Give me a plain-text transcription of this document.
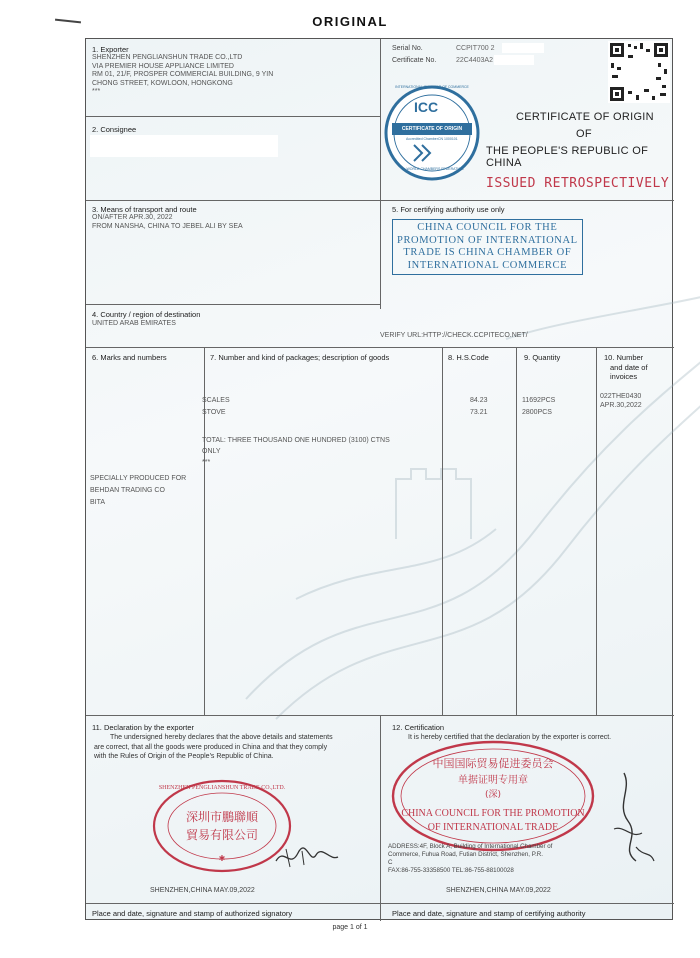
ORIGINAL
1. Exporter
SHENZHEN PENGLIANSHUN TRADE CO.,LTD
VIA PREMIER HOUSE APPLIANCE LIMITED
RM 01, 21/F, PROSPER COMMERCIAL BUILDING, 9 YIN
CHONG STREET, KOWLOON, HONGKONG
***
2. Consignee
3. Means of transport and route
ON/AFTER APR.30, 2022
FROM NANSHA, CHINA TO JEBEL ALI BY SEA
4. Country / region of destination
UNITED ARAB EMIRATES
Serial No.	CCPIT700 2
Certificate No.	22C4403A2
ICC
INTERNATIONAL CHAMBER OF COMMERCE
CERTIFICATE OF ORIGIN
Accredited Chamber CN 1000101
WORLD CHAMBERS FEDERATION
CERTIFICATE OF ORIGIN
OF
THE PEOPLE'S REPUBLIC OF CHINA
ISSUED RETROSPECTIVELY
5. For certifying authority use only
CHINA COUNCIL FOR THE
PROMOTION OF INTERNATIONAL
TRADE IS CHINA CHAMBER OF
INTERNATIONAL COMMERCE
VERIFY URL:HTTP://CHECK.CCPITECO.NET/
6. Marks and numbers	7. Number and kind of packages; description of goods	8. H.S.Code	9. Quantity	10. Number
and date of
invoices
SCALES	84.23	11692PCS
STOVE	73.21	2800PCS
022THE0430
APR.30,2022
TOTAL: THREE THOUSAND ONE HUNDRED (3100) CTNS
ONLY
***
SPECIALLY PRODUCED FOR
BEHDAN TRADING CO
BITA
11. Declaration by the exporter
The undersigned hereby declares that the above details and statements
are correct, that all the goods were produced in China and that they comply
with the Rules of Origin of the People's Republic of China.
SHENZHEN PENGLIANSHUN TRADE CO.,LTD.
深圳市鵬聯順
貿易有限公司
✱
SHENZHEN,CHINA MAY.09,2022
Place and date, signature and stamp of authorized signatory
12. Certification
It is hereby certified that the declaration by the exporter is correct.
中国国际贸易促进委员会
单据证明专用章
(深)
CHINA COUNCIL FOR THE PROMOTION
OF INTERNATIONAL TRADE
ADDRESS:4F, Block A, Building of International Chamber of
Commerce, Fuhua Road, Futian District, Shenzhen, P.R.
C
FAX:86-755-33358500 TEL:86-755-88100028
SHENZHEN,CHINA MAY.09,2022
Place and date, signature and stamp of certifying authority
page 1 of 1
